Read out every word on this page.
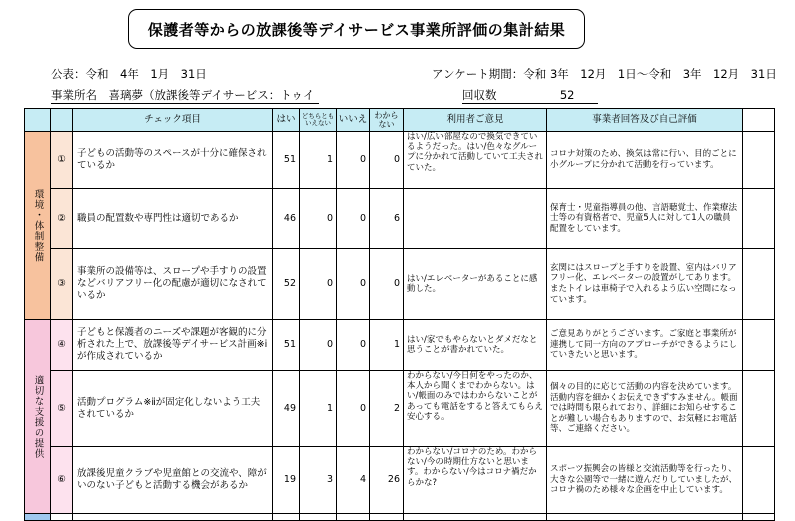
保護者等からの放課後等デイサービス事業所評価の集計結果
公表：令和　4年　1月　31日	アンケート期間：令和 3年　12月　1日～令和　3年　12月　31日
事業所名　喜璃夢（放課後等デイサービス：トゥイ	回収数	52
		チェック項目	はい	どちらとも いえない	いいえ	わから ない	利用者ご意見	事業者回答及び自己評価	
環境・体制整備	①	子どもの活動等のスペースが十分に確保されているか	51	1	0	0	はい/広い部屋なので換気できているようだった。はい/色々なグループに分かれて活動していて工夫されていた。	コロナ対策のため、換気は常に行い、目的ごとに小グループに分かれて活動を行っています。	
	②	職員の配置数や専門性は適切であるか	46	0	0	6		保育士・児童指導員の他、言語聴覚士、作業療法士等の有資格者で、児童5人に対して1人の職員配置をしています。	
	③	事業所の設備等は、スロープや手すりの設置などバリアフリー化の配慮が適切になされているか	52	0	0	0	はい/エレベーターがあることに感動した。	玄関にはスロープと手すりを設置、室内はバリアフリー化、エレベーターの設置がしてあります。またトイレは車椅子で入れるよう広い空間になっています。	
適切な支援の提供	④	子どもと保護者のニーズや課題が客観的に分析された上で、放課後等デイサービス計画※ⅰが作成されているか	51	0	0	1	はい/家でもやらないとダメだなと思うことが書かれていた。	ご意見ありがとうございます。ご家庭と事業所が連携して同一方向のアプローチができるようにしていきたいと思います。	
	⑤	活動プログラム※ⅱが固定化しないよう工夫されているか	49	1	0	2	わからない/今日何をやったのか、本人から聞くまでわからない。はい/帳面のみではわからないことがあっても電話をすると答えてもらえ安心する。	個々の目的に応じて活動の内容を決めています。活動内容を細かくお伝えできずすみません。帳面では時間も限られており、詳細にお知らせすることが難しい場合もありますので、お気軽にお電話等、ご連絡ください。	
	⑥	放課後児童クラブや児童館との交流や、障がいのない子どもと活動する機会があるか	19	3	4	26	わからない/コロナのため。わからない/今の時期仕方ないと思います。わからない/今はコロナ禍だからかな?	スポーツ振興会の皆様と交流活動等を行ったり、大きな公園等で一緒に遊んだりしていましたが、コロナ禍のため様々な企画を中止しています。	
